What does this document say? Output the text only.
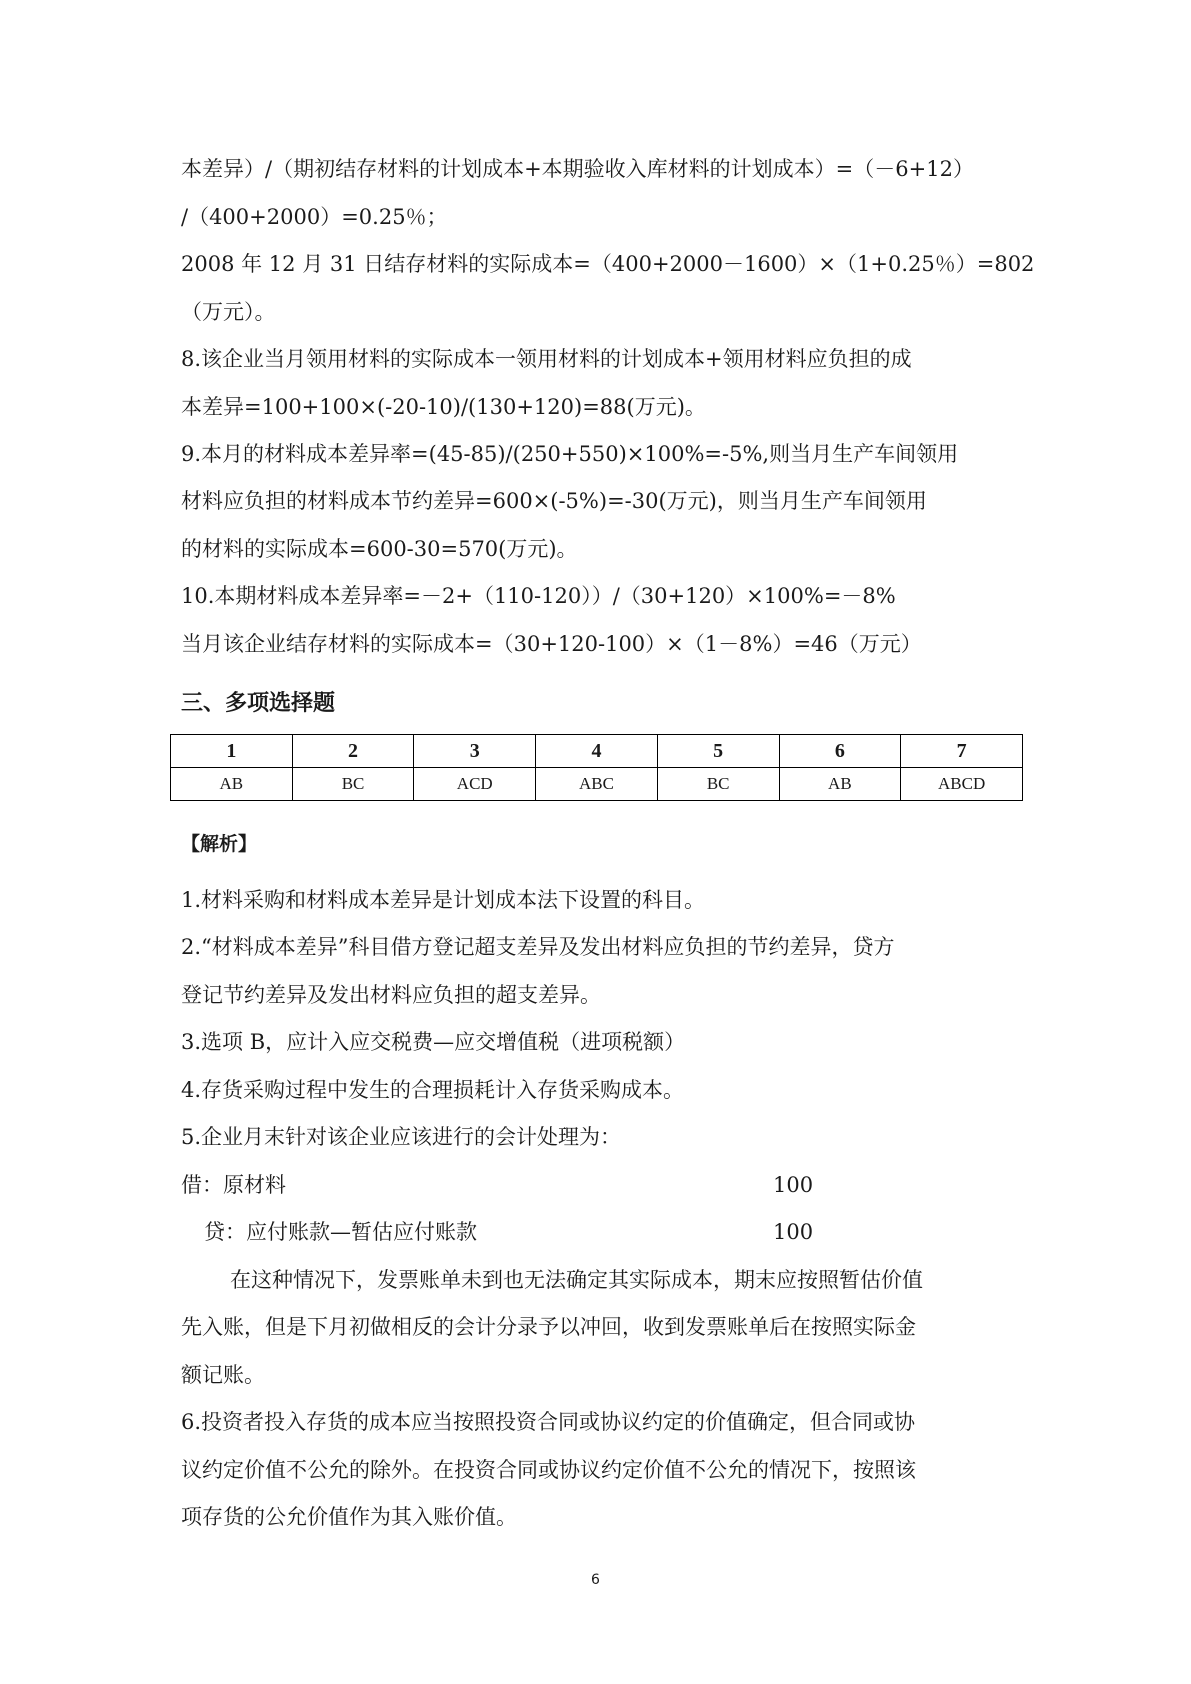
本差异）/（期初结存材料的计划成本+本期验收入库材料的计划成本）=（－6+12）
/（400+2000）=0.25％；
2008 年 12 月 31 日结存材料的实际成本=（400+2000－1600）×（1+0.25％）=802
（万元）。
8.该企业当月领用材料的实际成本一领用材料的计划成本+领用材料应负担的成
本差异=100+100×(-20-10)/(130+120)=88(万元)。
9.本月的材料成本差异率=(45-85)/(250+550)×100%=-5%,则当月生产车间领用
材料应负担的材料成本节约差异=600×(-5%)=-30(万元)，则当月生产车间领用
的材料的实际成本=600-30=570(万元)。
10.本期材料成本差异率=－2+（110-120））/（30+120）×100%=－8%
当月该企业结存材料的实际成本=（30+120-100）×（1－8%）=46（万元）
三、多项选择题
1	2	3	4	5	6	7
AB	BC	ACD	ABC	BC	AB	ABCD
【解析】
1.材料采购和材料成本差异是计划成本法下设置的科目。
2.“材料成本差异”科目借方登记超支差异及发出材料应负担的节约差异，贷方
登记节约差异及发出材料应负担的超支差异。
3.选项 B，应计入应交税费—应交增值税（进项税额）
4.存货采购过程中发生的合理损耗计入存货采购成本。
5.企业月末针对该企业应该进行的会计处理为：
借：原材料	100
贷：应付账款—暂估应付账款	100
在这种情况下，发票账单未到也无法确定其实际成本，期末应按照暂估价值
先入账，但是下月初做相反的会计分录予以冲回，收到发票账单后在按照实际金
额记账。
6.投资者投入存货的成本应当按照投资合同或协议约定的价值确定，但合同或协
议约定价值不公允的除外。在投资合同或协议约定价值不公允的情况下，按照该
项存货的公允价值作为其入账价值。
6
